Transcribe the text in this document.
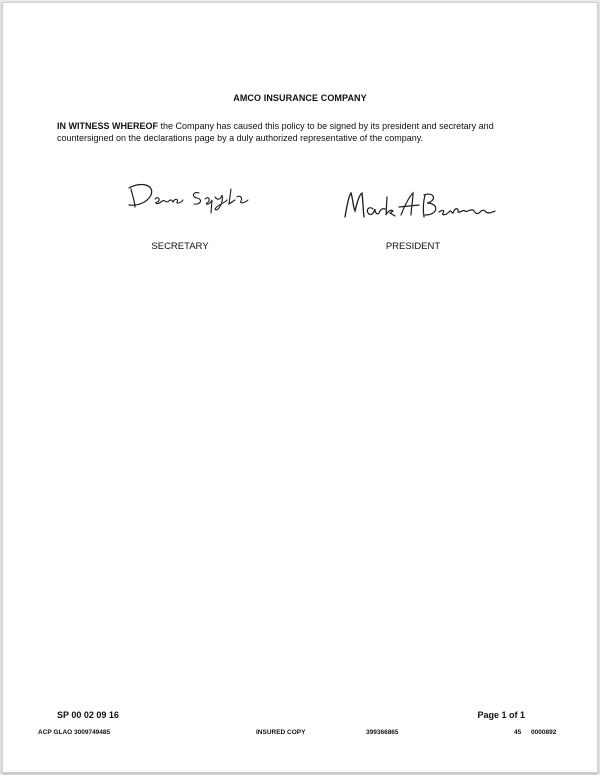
AMCO INSURANCE COMPANY
IN WITNESS WHEREOF the Company has caused this policy to be signed by its president and secretary and countersigned on the declarations page by a duly authorized representative of the company.
Denise Saylor
Mark A Berven
SECRETARY	PRESIDENT
SP 00 02 09 16	Page 1 of 1
ACP GLAO 3009749485	INSURED COPY	399366865	45 0000892
